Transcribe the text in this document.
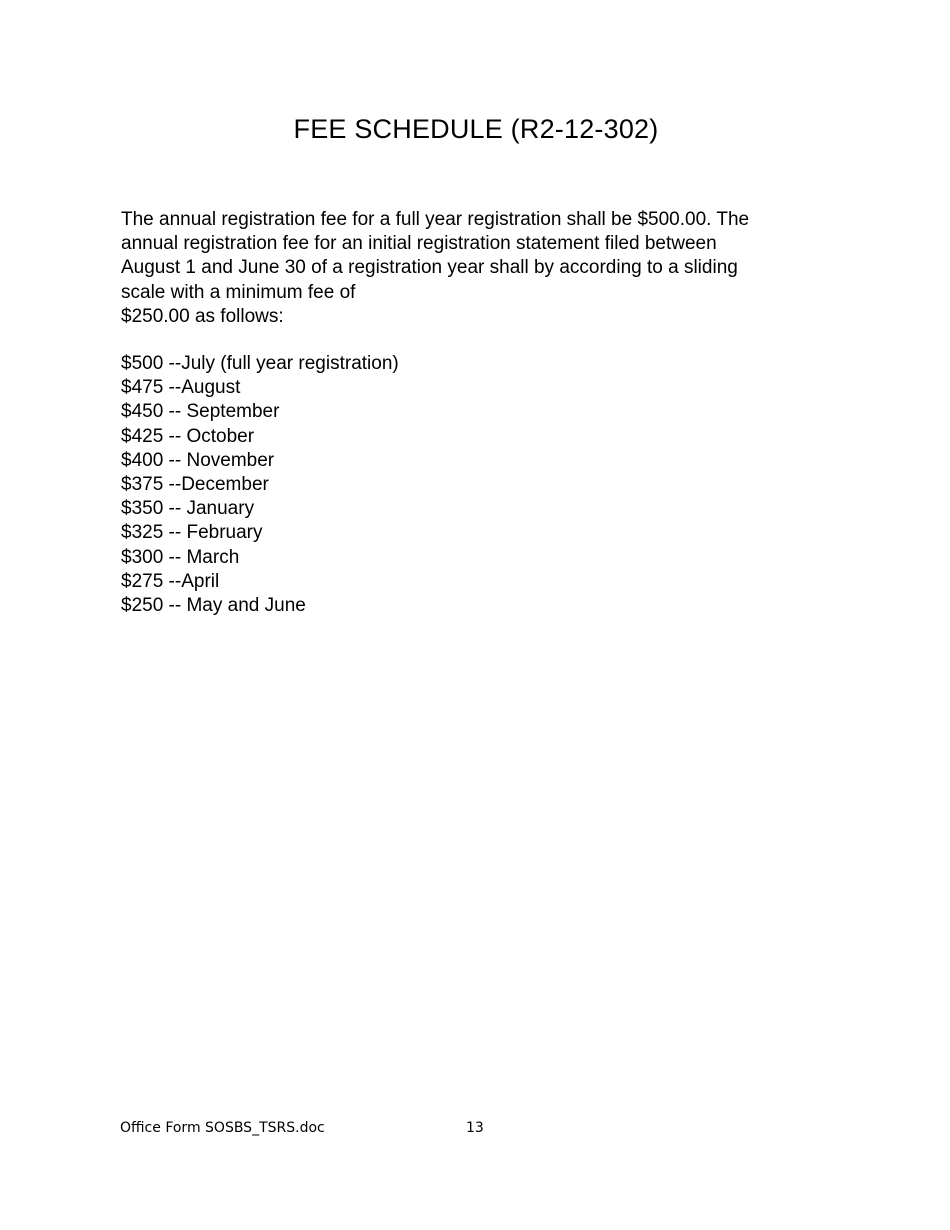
FEE SCHEDULE (R2-12-302)

The annual registration fee for a full year registration shall be $500.00. The
annual registration fee for an initial registration statement filed between
August 1 and June 30 of a registration year shall by according to a sliding
scale with a minimum fee of
$250.00 as follows:

$500 --July (full year registration)
$475 --August
$450 -- September
$425 -- October
$400 -- November
$375 --December
$350 -- January
$325 -- February
$300 -- March
$275 --April
$250 -- May and June
Office Form SOSBS_TSRS.doc	13
